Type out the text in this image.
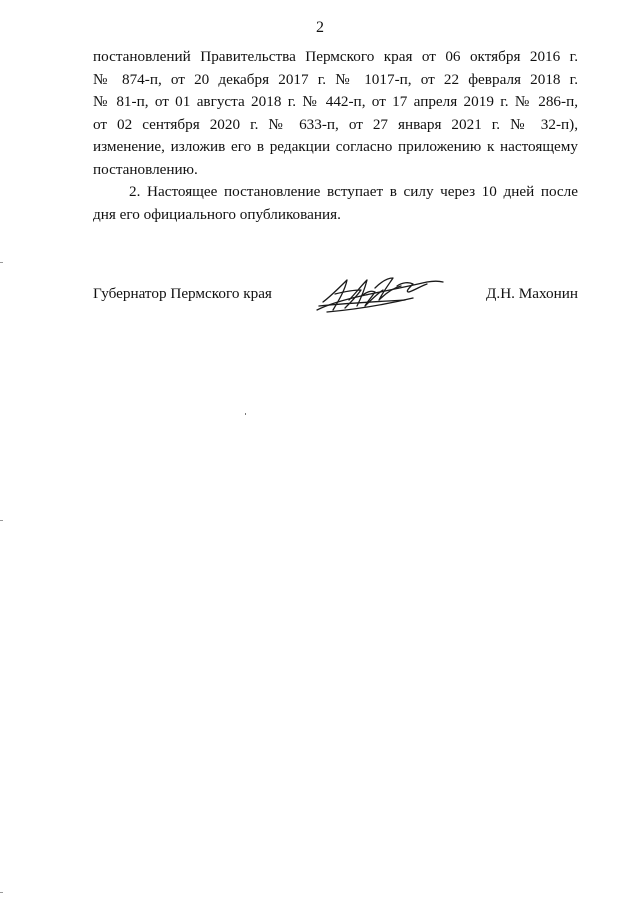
2
постановлений Правительства Пермского края от 06 октября 2016 г.
№ 874-п, от 20 декабря 2017 г. № 1017-п, от 22 февраля 2018 г.
№ 81-п, от 01 августа 2018 г. № 442-п, от 17 апреля 2019 г. № 286-п,
от 02 сентября 2020 г. № 633-п, от 27 января 2021 г. № 32-п),
изменение, изложив его в редакции согласно приложению к настоящему
постановлению.
2. Настоящее постановление вступает в силу через 10 дней после
дня его официального опубликования.
Губернатор Пермского края	Д.Н. Махонин
